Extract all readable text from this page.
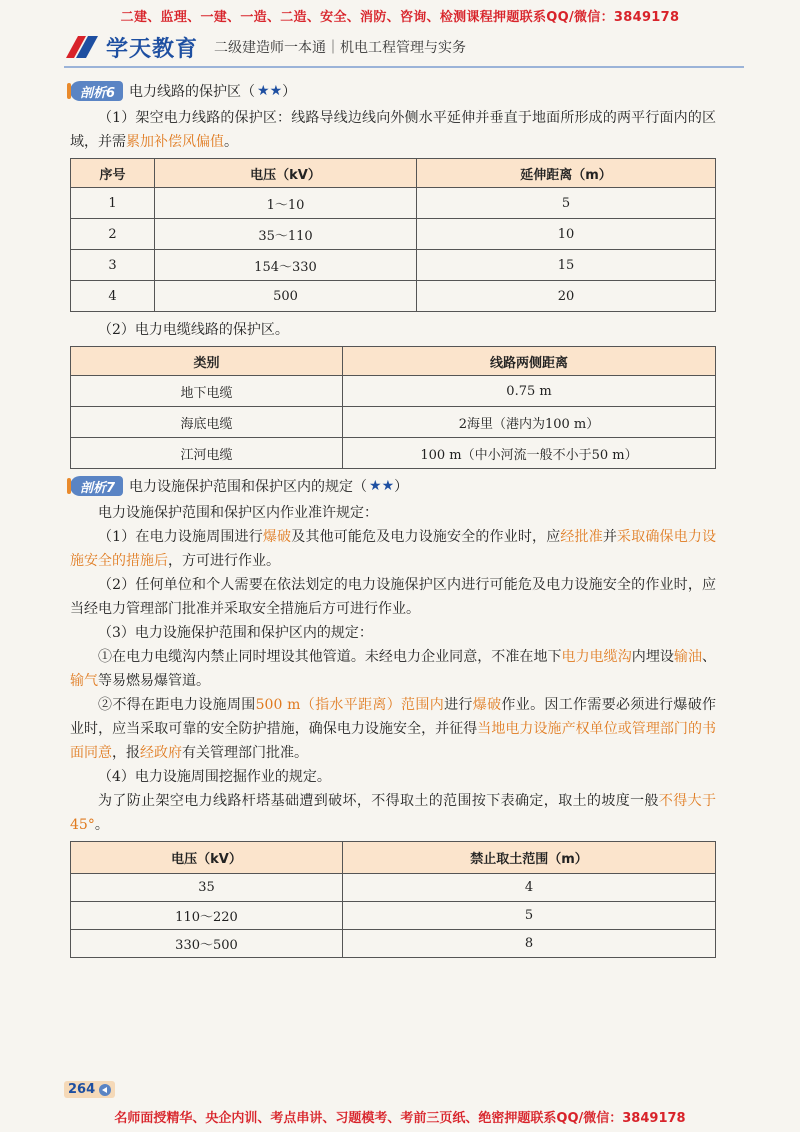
二建、监理、一建、一造、二造、安全、消防、咨询、检测课程押题联系QQ/微信：3849178
学天教育 二级建造师一本通｜机电工程管理与实务
剖析6	电力线路的保护区（ ★★ ）

（1）架空电力线路的保护区：线路导线边线向外侧水平延伸并垂直于地面所形成的两平行面内的区域，并需累加补偿风偏值。

序号	电压（kV）	延伸距离（m）
1	1～10	5
2	35～110	10
3	154～330	15
4	500	20

（2）电力电缆线路的保护区。

类别	线路两侧距离
地下电缆	0.75 m
海底电缆	2海里（港内为100 m）
江河电缆	100 m（中小河流一般不小于50 m）
剖析7	电力设施保护范围和保护区内的规定（ ★★ ）

电力设施保护范围和保护区内作业准许规定：

（1）在电力设施周围进行爆破及其他可能危及电力设施安全的作业时，应经批准并采取确保电力设施安全的措施后，方可进行作业。

（2）任何单位和个人需要在依法划定的电力设施保护区内进行可能危及电力设施安全的作业时，应当经电力管理部门批准并采取安全措施后方可进行作业。

（3）电力设施保护范围和保护区内的规定：

①在电力电缆沟内禁止同时埋设其他管道。未经电力企业同意，不准在地下电力电缆沟内埋设输油、输气等易燃易爆管道。

②不得在距电力设施周围500 m（指水平距离）范围内进行爆破作业。因工作需要必须进行爆破作业时，应当采取可靠的安全防护措施，确保电力设施安全，并征得当地电力设施产权单位或管理部门的书面同意，报经政府有关管理部门批准。

（4）电力设施周围挖掘作业的规定。

为了防止架空电力线路杆塔基础遭到破坏，不得取土的范围按下表确定，取土的坡度一般不得大于45°。

电压（kV）	禁止取土范围（m）
35	4
110～220	5
330～500	8
264
名师面授精华、央企内训、考点串讲、习题模考、考前三页纸、绝密押题联系QQ/微信：3849178
